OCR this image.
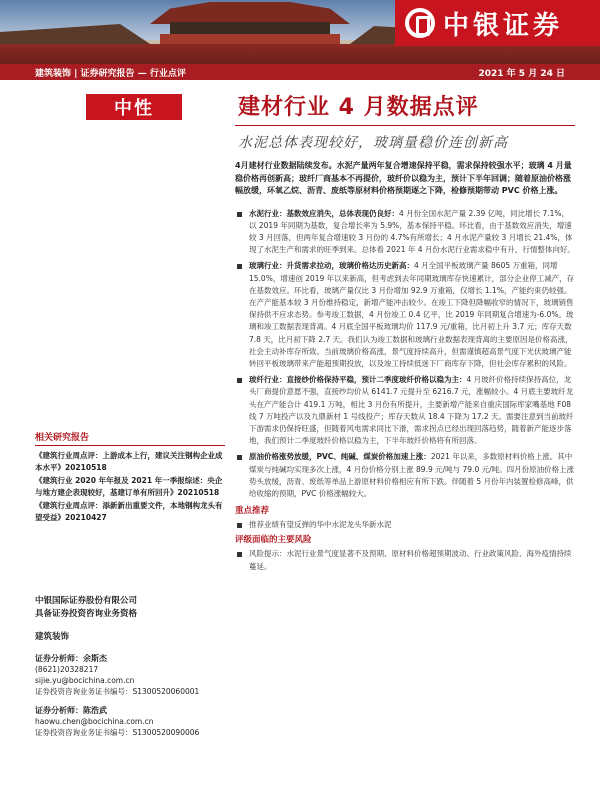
中银证券
建筑装饰 | 证券研究报告 — 行业点评	2021 年 5 月 24 日
中性	建材行业 4 月数据点评
水泥总体表现较好，玻璃量稳价连创新高

4月建材行业数据陆续发布。水泥产量两年复合增速保持平稳，需求保持较强水平；玻璃 4 月量稳价格再创新高；玻纤厂商基本不再提价，玻纤价以稳为主，预计下半年回调；随着原油价格涨幅放缓，环氧乙烷、沥青、废纸等原材料价格预期逐之下降，检修预期带动 PVC 价格上涨。

水泥行业：基数效应消失，总体表现仍良好：4 月份全国水泥产量 2.39 亿吨，同比增长 7.1%，以 2019 年同期为基数，复合增长率为 5.9%，基本保持平稳。环比看，由于基数效应消失，增速较 3 月回落，但两年复合增速较 3 月份的 4.7%有所增长；4 月水泥产量较 3 月增长 21.4%，体现了水泥生产和需求的旺季到来。总体看 2021 年 4 月份水泥行业需求稳中有升，行情整体向好。
玻璃行业：升货需求拉动，玻璃价格达历史新高：4 月全国平板玻璃产量 8605 万重箱，同增 15.0%，增速创 2019 年以来新高，但考虑到去年同期玻璃库存快速累计，部分企业停工减产，存在基数效应。环比看，玻璃产量仅比 3 月份增加 92.9 万重箱，仅增长 1.1%，产能约束仍较强。在产产能基本较 3 月份维持稳定，新增产能冲击较少。在竣工下降但降幅收窄的情况下，玻璃销售保持供不应求态势。参考竣工数据，4 月份竣工 0.4 亿平，比 2019 年同期复合增速为-6.0%。玻璃和竣工数据表现背离。4 月底全国平板玻璃均价 117.9 元/重箱，比月初上升 3.7 元；库存天数 7.8 天，比月初下降 2.7 天。我们认为竣工数据和玻璃行业数据表现背离的主要原因是价格高涨，社会主动补库存所致。当前玻璃价格高涨，景气度持续高升，但需谨慎超高景气度下光伏玻璃产能转回平板玻璃带来产能超预期投放，以及竣工持续低迷下厂商库存下降，但社会库存累积的风险。
玻纤行业：直接纱价格保持平稳，预计二季度玻纤价格以稳为主：4 月玻纤价格持续保持高位，龙头厂商提价意愿不强，直接纱均价从 6141.7 元提升至 6216.7 元，涨幅较小。4 月底主要玻纤龙头在产产能合计 419.1 万吨，相比 3 月份有所提升，主要新增产能来自重庆国际库家嘴基地 F08 线 7 万吨投产以及九鼎新材 1 号线投产；库存天数从 18.4 下降为 17.2 天。需要注意到当前玻纤下游需求仍保持旺盛，但随着风电需求同比下滑，需求拐点已经出现回落趋势，随着新产能逐步落地，我们预计二季度玻纤价格以稳为主，下半年玻纤价格将有所回落。
原油价格涨势放缓，PVC、纯碱、煤炭价格加速上涨：2021 年以来，多数原材料价格上涨。其中煤炭与纯碱均实现多次上涨，4 月份价格分别上涨 89.9 元/吨与 79.0 元/吨。四月份原油价格上涨势头放缓，沥青、废纸等单品上游原材料价格相应有所下跌。伴随着 5 月份年内装置检修高峰，供给收缩的预期，PVC 价格涨幅较大。
重点推荐
推荐业绩有望反弹的华中水泥龙头华新水泥
评级面临的主要风险
风险提示：水泥行业景气度显著不及预期、原材料价格超预期波动、行业政策风险、海外疫情持续蔓延。
相关研究报告
《建筑行业周点评：上游成本上行，建议关注钢构企业成本水平》20210518
《建筑行业 2020 年年报及 2021 年一季报综述：央企与地方建企表现较好，基建订单有所回升》20210518
《建筑行业周点评：添新新出重要文件，本地钢构龙头有望受益》20210427
中银国际证券股份有限公司
具备证券投资咨询业务资格
建筑装饰
证券分析师：余斯杰
(8621)20328217
sijie.yu@bocichina.com.cn
证券投资咨询业务证书编号：S1300520060001
证券分析师：陈浩武
haowu.chen@bocichina.com.cn
证券投资咨询业务证书编号：S1300520090006
